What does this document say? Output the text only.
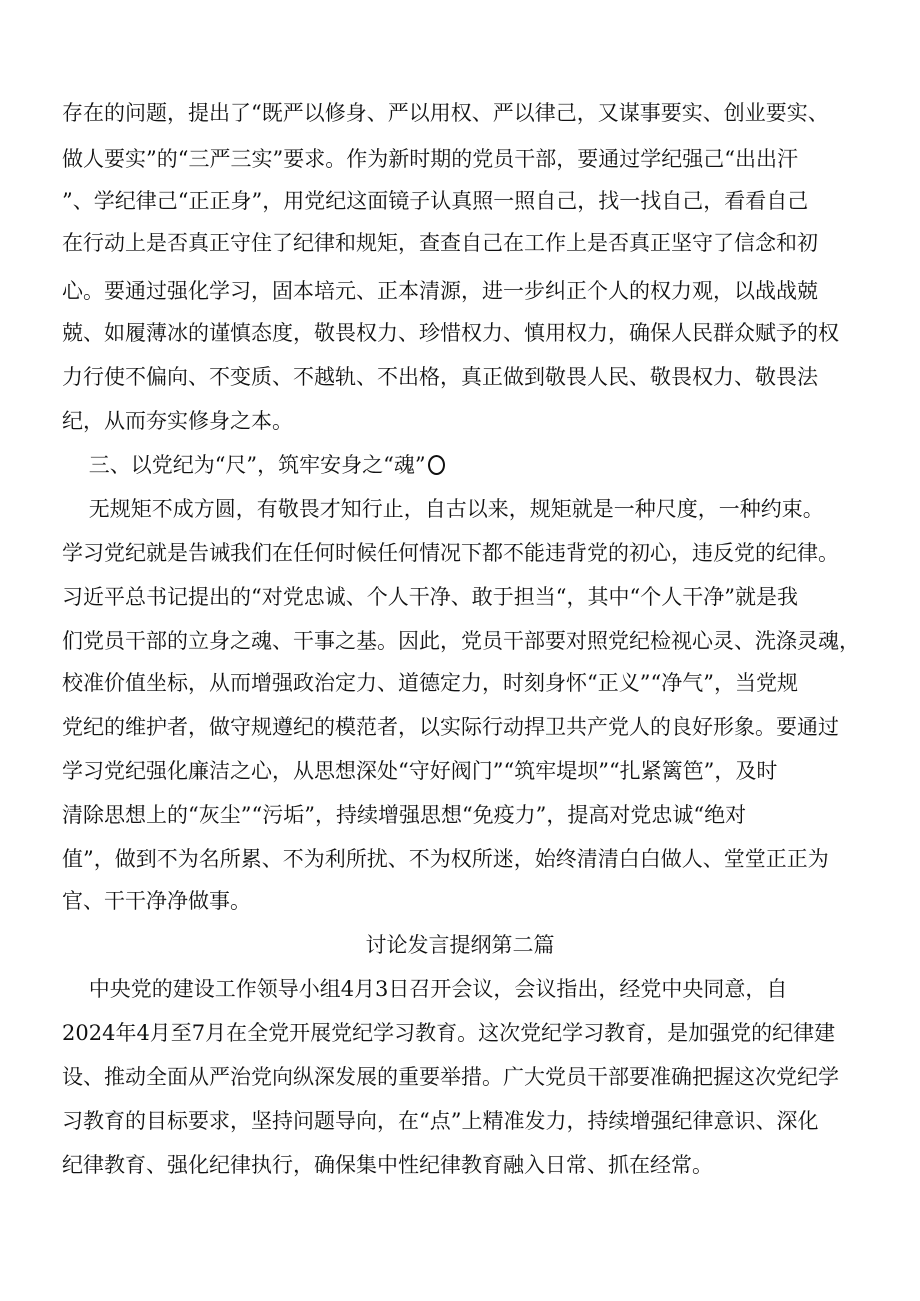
存在的问题，提出了“既严以修身、严以用权、严以律己，又谋事要实、创业要实、
做人要实”的“三严三实”要求。作为新时期的党员干部，要通过学纪强己“出出汗
”、学纪律己“正正身”，用党纪这面镜子认真照一照自己，找一找自己，看看自己
在行动上是否真正守住了纪律和规矩，查查自己在工作上是否真正坚守了信念和初
心。要通过强化学习，固本培元、正本清源，进一步纠正个人的权力观，以战战兢
兢、如履薄冰的谨慎态度，敬畏权力、珍惜权力、慎用权力，确保人民群众赋予的权
力行使不偏向、不变质、不越轨、不出格，真正做到敬畏人民、敬畏权力、敬畏法
纪，从而夯实修身之本。
三、以党纪为“尺”，筑牢安身之“魂”
无规矩不成方圆，有敬畏才知行止，自古以来，规矩就是一种尺度，一种约束。
学习党纪就是告诫我们在任何时候任何情况下都不能违背党的初心，违反党的纪律。
习近平总书记提出的“对党忠诚、个人干净、敢于担当“，其中“个人干净”就是我
们党员干部的立身之魂、干事之基。因此，党员干部要对照党纪检视心灵、洗涤灵魂，
校准价值坐标，从而增强政治定力、道德定力，时刻身怀“正义”“净气”，当党规
党纪的维护者，做守规遵纪的模范者，以实际行动捍卫共产党人的良好形象。要通过
学习党纪强化廉洁之心，从思想深处“守好阀门”“筑牢堤坝”“扎紧篱笆”，及时
清除思想上的“灰尘”“污垢”，持续增强思想“免疫力”，提高对党忠诚“绝对
值”，做到不为名所累、不为利所扰、不为权所迷，始终清清白白做人、堂堂正正为
官、干干净净做事。
讨论发言提纲第二篇
中央党的建设工作领导小组4月3日召开会议，会议指出，经党中央同意，自
2024年4月至7月在全党开展党纪学习教育。这次党纪学习教育，是加强党的纪律建
设、推动全面从严治党向纵深发展的重要举措。广大党员干部要准确把握这次党纪学
习教育的目标要求，坚持问题导向，在“点”上精准发力，持续增强纪律意识、深化
纪律教育、强化纪律执行，确保集中性纪律教育融入日常、抓在经常。
